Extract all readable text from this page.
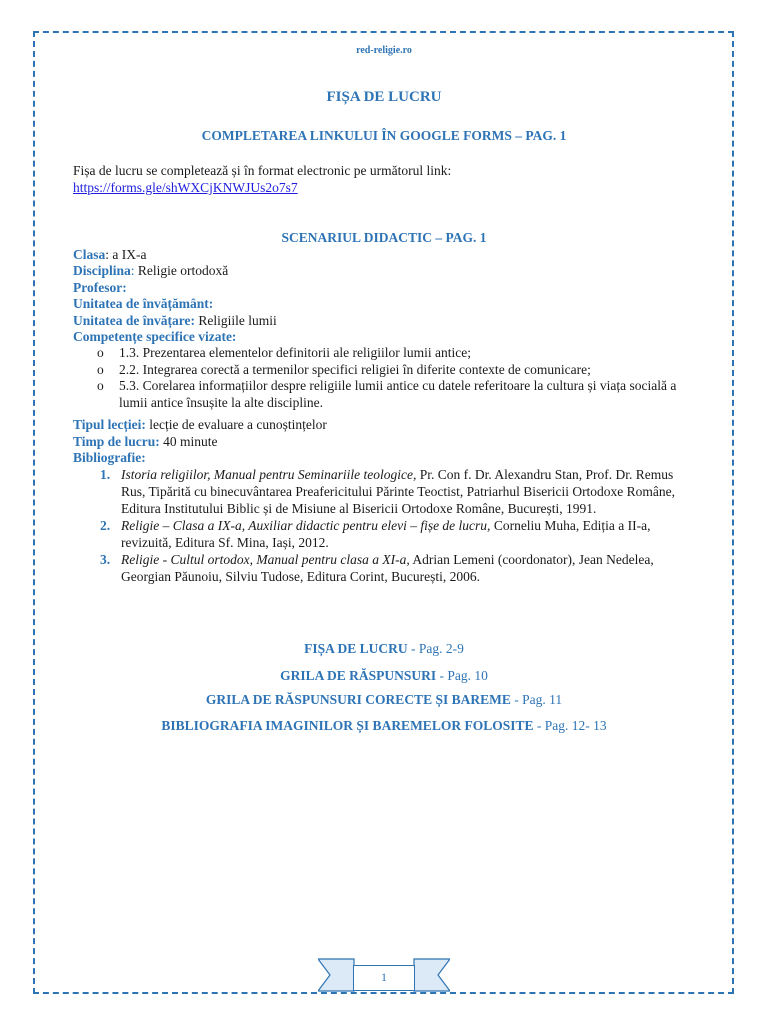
red-religie.ro
FIȘA DE LUCRU
COMPLETAREA LINKULUI ÎN GOOGLE FORMS – PAG. 1
Fișa de lucru se completează și în format electronic pe următorul link:
https://forms.gle/shWXCjKNWJUs2o7s7
SCENARIUL DIDACTIC – PAG. 1
Clasa: a IX-a
Disciplina: Religie ortodoxă
Profesor:
Unitatea de învățământ:
Unitatea de învățare: Religiile lumii
Competențe specifice vizate:
o 1.3. Prezentarea elementelor definitorii ale religiilor lumii antice;
o 2.2. Integrarea corectă a termenilor specifici religiei în diferite contexte de comunicare;
o 5.3. Corelarea informațiilor despre religiile lumii antice cu datele referitoare la cultura și viața socială a lumii antice însușite la alte discipline.
Tipul lecției: lecție de evaluare a cunoștințelor
Timp de lucru: 40 minute
Bibliografie:
1. Istoria religiilor, Manual pentru Seminariile teologice, Pr. Con f. Dr. Alexandru Stan, Prof. Dr. Remus Rus, Tipărită cu binecuvântarea Preafericitului Părinte Teoctist, Patriarhul Bisericii Ortodoxe Române, Editura Institutului Biblic și de Misiune al Bisericii Ortodoxe Române, București, 1991.
2. Religie – Clasa a IX-a, Auxiliar didactic pentru elevi – fișe de lucru, Corneliu Muha, Ediția a II-a, revizuită, Editura Sf. Mina, Iași, 2012.
3. Religie - Cultul ortodox, Manual pentru clasa a XI-a, Adrian Lemeni (coordonator), Jean Nedelea, Georgian Păunoiu, Silviu Tudose, Editura Corint, București, 2006.
FIȘA DE LUCRU - Pag. 2-9
GRILA DE RĂSPUNSURI - Pag. 10
GRILA DE RĂSPUNSURI CORECTE ȘI BAREME - Pag. 11
BIBLIOGRAFIA IMAGINILOR ȘI BAREMELOR FOLOSITE - Pag. 12- 13
1
